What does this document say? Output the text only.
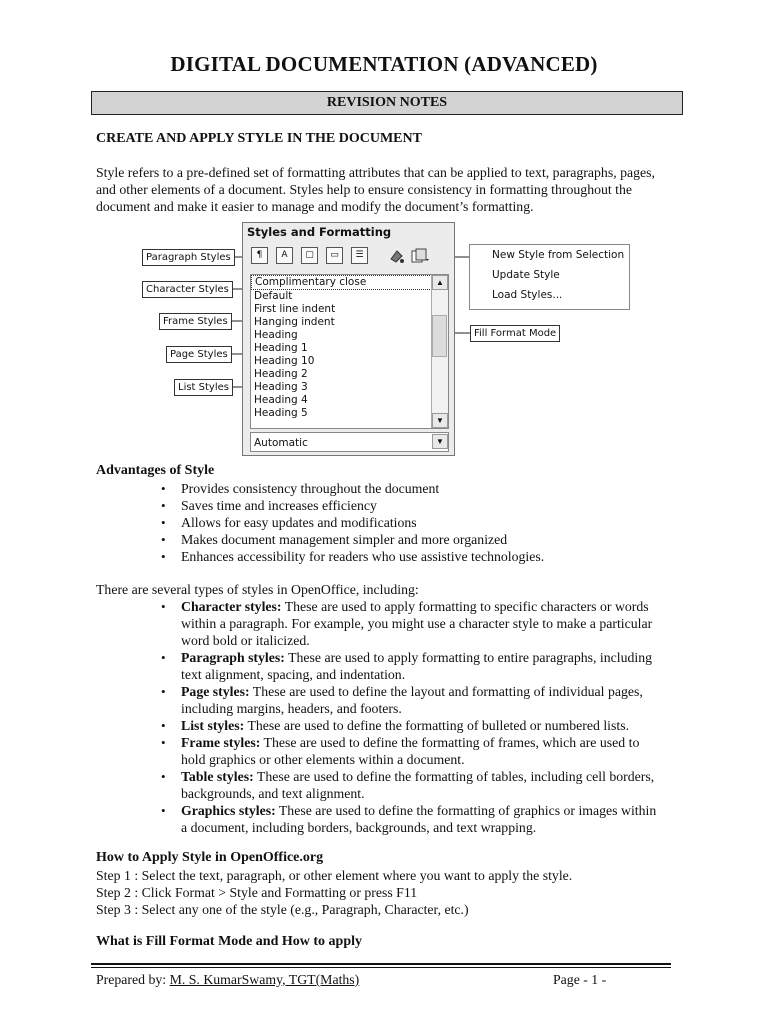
DIGITAL DOCUMENTATION (ADVANCED)
REVISION NOTES
CREATE AND APPLY STYLE IN THE DOCUMENT
Style refers to a pre-defined set of formatting attributes that can be applied to text, paragraphs, pages,
and other elements of a document. Styles help to ensure consistency in formatting throughout the
document and make it easier to manage and modify the document’s formatting.
Paragraph Styles
Character Styles
Frame Styles
Page Styles
List Styles
Fill Format Mode
Styles and Formatting
¶	A	▢	▭	☰
Complimentary close
Default
First line indent
Hanging indent
Heading
Heading 1
Heading 10
Heading 2
Heading 3
Heading 4
Heading 5
▲
▼
Automatic	▼
New Style from Selection
Update Style
Load Styles...
Advantages of Style
• Provides consistency throughout the document
• Saves time and increases efficiency
• Allows for easy updates and modifications
• Makes document management simpler and more organized
• Enhances accessibility for readers who use assistive technologies.
There are several types of styles in OpenOffice, including:
• Character styles: These are used to apply formatting to specific characters or words
within a paragraph. For example, you might use a character style to make a particular
word bold or italicized.
• Paragraph styles: These are used to apply formatting to entire paragraphs, including
text alignment, spacing, and indentation.
• Page styles: These are used to define the layout and formatting of individual pages,
including margins, headers, and footers.
• List styles: These are used to define the formatting of bulleted or numbered lists.
• Frame styles: These are used to define the formatting of frames, which are used to
hold graphics or other elements within a document.
• Table styles: These are used to define the formatting of tables, including cell borders,
backgrounds, and text alignment.
• Graphics styles: These are used to define the formatting of graphics or images within
a document, including borders, backgrounds, and text wrapping.
How to Apply Style in OpenOffice.org
Step 1 : Select the text, paragraph, or other element where you want to apply the style.
Step 2 : Click Format > Style and Formatting or press F11
Step 3 : Select any one of the style (e.g., Paragraph, Character, etc.)
What is Fill Format Mode and How to apply
Prepared by: M. S. KumarSwamy, TGT(Maths)	Page - 1 -
